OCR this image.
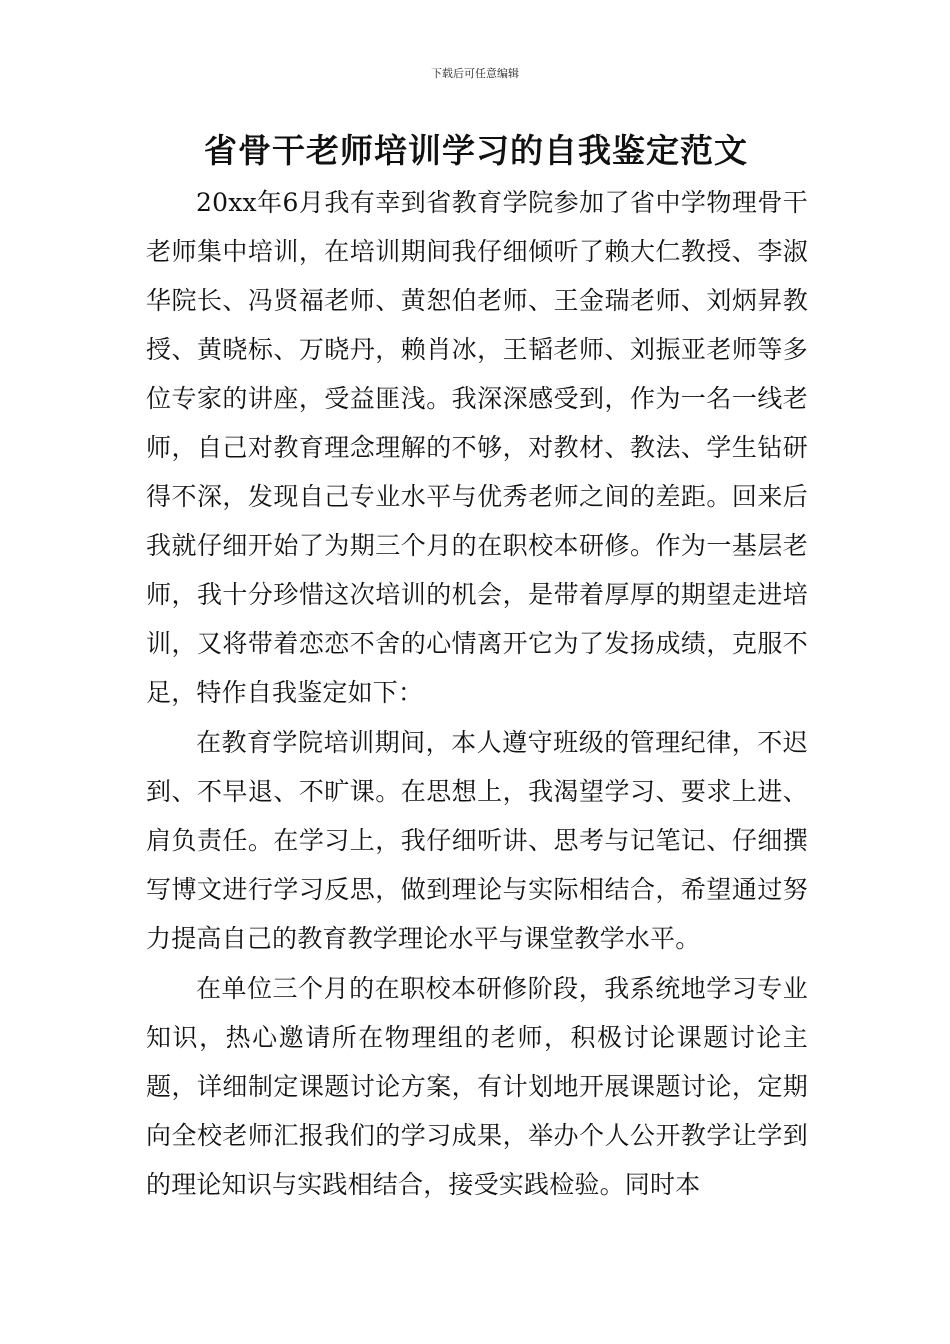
下载后可任意编辑
省骨干老师培训学习的自我鉴定范文

20xx年6月我有幸到省教育学院参加了省中学物理骨干老师集中培训，在培训期间我仔细倾听了赖大仁教授、李淑华院长、冯贤福老师、黄恕伯老师、王金瑞老师、刘炳昇教授、黄晓标、万晓丹，赖肖冰，王韬老师、刘振亚老师等多位专家的讲座，受益匪浅。我深深感受到，作为一名一线老师，自己对教育理念理解的不够，对教材、教法、学生钻研得不深，发现自己专业水平与优秀老师之间的差距。回来后我就仔细开始了为期三个月的在职校本研修。作为一基层老师，我十分珍惜这次培训的机会，是带着厚厚的期望走进培训，又将带着恋恋不舍的心情离开它为了发扬成绩，克服不足，特作自我鉴定如下：

在教育学院培训期间，本人遵守班级的管理纪律，不迟到、不早退、不旷课。在思想上，我渴望学习、要求上进、肩负责任。在学习上，我仔细听讲、思考与记笔记、仔细撰写博文进行学习反思，做到理论与实际相结合，希望通过努力提高自己的教育教学理论水平与课堂教学水平。

在单位三个月的在职校本研修阶段，我系统地学习专业知识，热心邀请所在物理组的老师，积极讨论课题讨论主题，详细制定课题讨论方案，有计划地开展课题讨论，定期向全校老师汇报我们的学习成果，举办个人公开教学让学到的理论知识与实践相结合，接受实践检验。同时本
